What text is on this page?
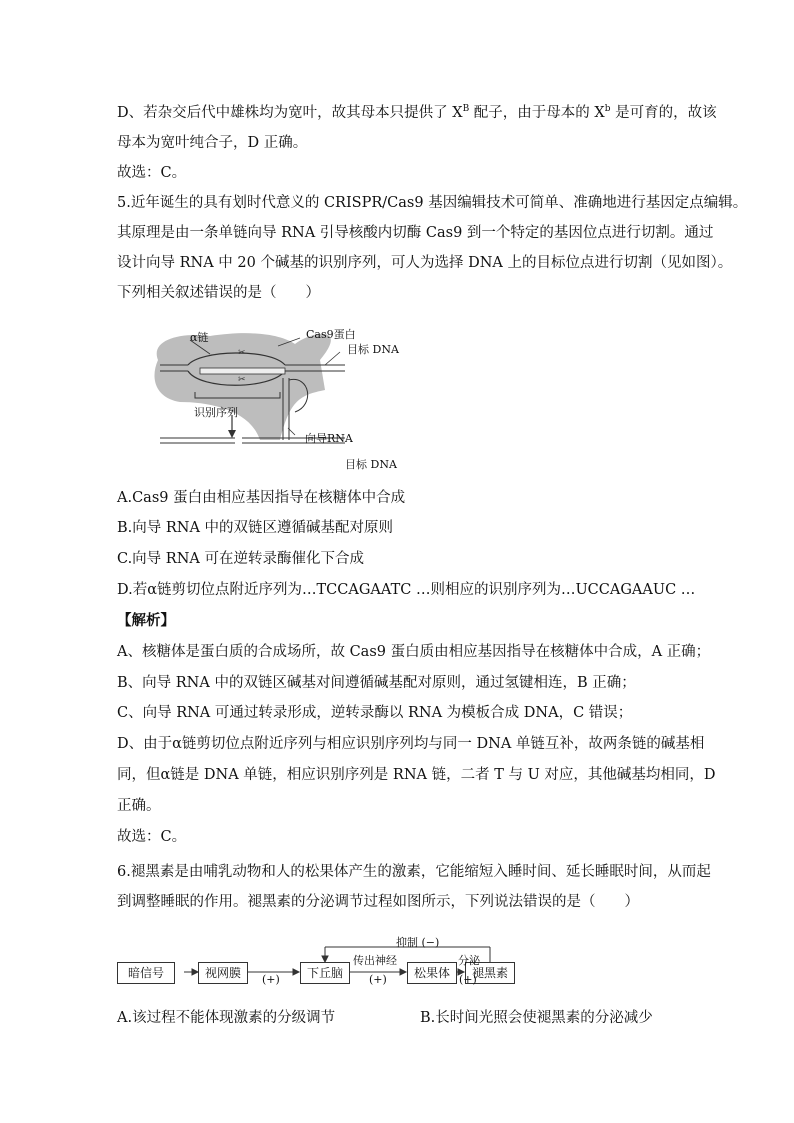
D、若杂交后代中雄株均为宽叶，故其母本只提供了 $X^B$ 配子，由于母本的 $X^b$ 是可育的，故该
母本为宽叶纯合子，D 正确。
故选：C。
5.近年诞生的具有划时代意义的 CRISPR/Cas9 基因编辑技术可简单、准确地进行基因定点编辑。
其原理是由一条单链向导 RNA 引导核酸内切酶 Cas9 到一个特定的基因位点进行切割。通过
设计向导 RNA 中 20 个碱基的识别序列，可人为选择 DNA 上的目标位点进行切割（见如图）。
下列相关叙述错误的是（　　）
✂
✂
α链	Cas9蛋白
目标 DNA
识别序列
向导RNA
目标 DNA
A.Cas9 蛋白由相应基因指导在核糖体中合成
B.向导 RNA 中的双链区遵循碱基配对原则
C.向导 RNA 可在逆转录酶催化下合成
D.若α链剪切位点附近序列为…TCCAGAATC …则相应的识别序列为…UCCAGAAUC …
【解析】
A、核糖体是蛋白质的合成场所，故 Cas9 蛋白质由相应基因指导在核糖体中合成，A 正确；
B、向导 RNA 中的双链区碱基对间遵循碱基配对原则，通过氢键相连，B 正确；
C、向导 RNA 可通过转录形成，逆转录酶以 RNA 为模板合成 DNA，C 错误；
D、由于α链剪切位点附近序列与相应识别序列均与同一 DNA 单链互补，故两条链的碱基相
同，但α链是 DNA 单链，相应识别序列是 RNA 链，二者 T 与 U 对应，其他碱基均相同，D
正确。
故选：C。
6.褪黑素是由哺乳动物和人的松果体产生的激素，它能缩短入睡时间、延长睡眠时间，从而起
到调整睡眠的作用。褪黑素的分泌调节过程如图所示，下列说法错误的是（　　）
暗信号	视网膜	下丘脑	松果体	褪黑素
(+)
传出神经
(+)
分泌
(+)
抑制 (−)
A.该过程不能体现激素的分级调节	B.长时间光照会使褪黑素的分泌减少
